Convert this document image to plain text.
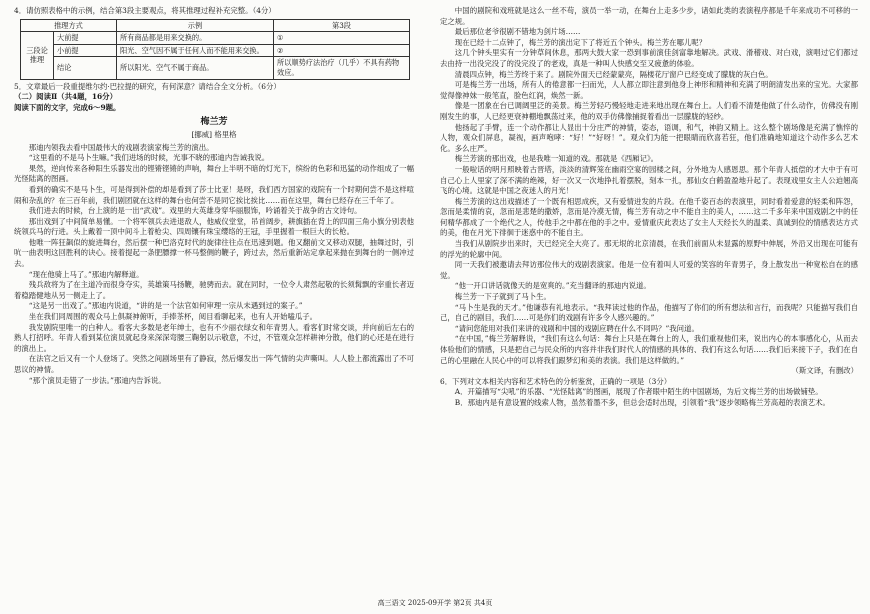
4．请仿照表格中的示例，结合第3段主要观点，将其推理过程补充完整。（4分）

推理方式		示例	第3段
三段论推理	大前提	所有商品都是用来交换的。	①
	小前提	阳光、空气因不属于任何人而不能用来交换。	②
	结论	所以阳光、空气不属于商品。	所以顺势疗法治疗（几乎）不具有药物效应。

5．文章最后一段重提维尔约·巴拉提的研究，有何深意？请结合全文分析。（6分）

（二）阅读Ⅱ（共4题，16分）

阅读下面的文字，完成6～9题。

梅兰芳
[挪威] 格里格

那迪内领我去看中国最伟大的戏剧表演家梅兰芳的演出。

“这里看的不是马卜生嘛。”我们进场的时候，光事不晓的那迪内告诫我说。

果然，逆向传来各种阳生乐器发出的铿锵铿锵的声响，舞台上半明不暗的灯光下，缤纷的色彩和迅猛的动作组成了一幅光怪陆离的图画。

看到的确实不是马卜生，可是得到补偿的却是看到了莎士比亚！是呀，我们西方国家的戏院有一个时期何尝不是这样喧闹和杂乱的？在三百年前，我们剧团就在这样的舞台也何尝不是同它挨比挨比……而在这里，舞台已经存在三千年了。

我们进去的时候，台上演的是一出“武戏”。戏里的大英雄身穿华丽服饰，吟诵着关于战争的古文诗句。

那出戏到了中间简单易懂。一个将军领兵去进退敌人，他威仪堂堂，吊首阔步，耕旗插在背上的四面三角小旗分别表他统领兵马的行进。头上戴着一顶中间斗上着枪尖、四周镶有珠宝缨络的王冠，手里握着一根巨大的长枪。

他唯一阵狂飙似的旋进舞台，然后摆一种巴洛克时代的旋律往往点在迅速到题。他又翻前文又移动双腿，抽舞过时，引吭一曲表明这回胜利的诀心。接着提起一条肥膘撑一杯马整侧的鞭子，跨过去，然后重新站定拿起来抛在到舞台的一侧冲过去。

“现在他骑上马了。”那迪内解释道。

残兵敌将为了在主道冷而很身夺实，英雄策马扬鞭，驰骋而去。就在同时，一位令人肃然起敬的长须髯飘的宰重长者迈着稳踏健地从另一侧走上了。

“这是另一出戏了。”那迪内说道，“讲的是一个法官如何审理一宗从未遇到过的案子。”

坐在我们同周围的观众马上俱凝神俯听，手捧茶杯，阅目看聊起来，也有人开始嗑瓜子。

我发剧院里唯一的白种人。看客大多数是老年绅士，也有不少丽衣绿女和年青男人。看客们时常交谈，并向前后左右的熟人打招呼。年青人看到某位演员就起身来深深弯腰三鞠躬以示敬意，不过，不管观众怎样耕神分散，他们的心还是在进行的演出上。

在法官之后又有一个人登场了。突然之间剧场里有了静寂，然后爆发出一阵气情的尖声嘶叫。人人脸上都流露出了不可思议的神情。

“那个演员走错了一步法。”那迪内告诉说。

中国的剧院和戏班就是这么一丝不苟，演员一举一动，在舞台上走多少步，诸如此类的表演程序都是千年来成功不可移的一定之规。

最后那位老爷很剧不错地为剑片场……

现在已经十二点钟了，梅兰芳的演出定下了将近五个钟头。梅兰芳在哪儿呢？

这几个钟头里实有一分钟草间休息，那两大鼓大家一恐到事前演佳剑富靠地解决。武戏、滑稽戏、对白戏，演唱过它们都过去由持一出没完没了的没完没了的老戏，真是一种叫人快感交至又疲惫的体验。

清晨四点钟，梅兰芳终于来了。剧院外面天已经蒙蒙亮，隔楼花厅窗户已经变成了朦胧的灰白色。

可是梅兰芳一出场，所有人的倦意都一扫而光，人人都立即注意到他身上神形和精神和充满了明朗清发出来的宝光。大家都觉得像神妹一般笔直，脸色红润，焕然一新。

像是一团象在台已调阔里泛的美景。梅兰芳轻巧慢轻地走进来地出现在舞台上。人们看不清楚他做了什么动作，仿佛没有刚刚发生的事，人已经更衰神棚地飘荡过来，他的双手仿佛像捕捉着看出一层朦胧的轻纱。

他扬起了手臂，连一个动作都让人显出十分庄严的神情，姿态，语调，和气，神韵又精上。这么整个剧场像是充满了憔悴的人物，观众们屏息，凝视，画声咆哮：“好！”“好呀！”。观众们为能一把眼睛而欣喜若狂，他们准确地知道这个动作多么艺术化。多么庄严。

梅兰芳演的那出戏，也是我唯一知道的戏。那就是《西厢记》。

一般啦话的明月照映着古晋塔，淡淡的清辉笼在幽雨空宴的园楼之间，分外地为人感恩思。那个年青人抵偿的才大中于有可自己心上人里家了深不满的绝辣，好一次又一次地挣扎着摆脱，刻本一扎，那仙女白鹤盈盈地升起了。表现戏里女主人公迫翘高飞的心境。这就是中国之夜迷人的月光！

梅兰芳演的这出戏描述了一个既有相思成疾，又有爱情迸发的片段。在他千姿百态的表演里，同时看着爱意的轻柔和阵怨，忽而是柔情的哀，忽而是悲楚的撒娇，忽而是冷漠无情，梅兰芳有动之中不能自主的美人，……这二千多年来中国戏剧之中的任何精华都成了一个绝代之人，传他手之中都在他的手之中。爱情重庆此表达了女主人天经长久的温柔、真诚到位的情感表达方式的美，他在月光下徘徊于迷惑中的不能自主。

当我们从剧院步出来时，天已经完全大亮了。那无垠的北京清晨，在我们前面从未显露的原野中伸展，外沿又出现在可能有的浮光的轮廓中间。

同一天我们被邀请去拜访那位伟大的戏剧表演家。他是一位有着叫人可爱的笑容的年青男子，身上散发出一种宽松自在的感觉。

“他一开口讲话就像天的是宽爽的。”充当翻译的那迪内说道。

梅兰芳一下子就到了马卜生。

“马卜生是我的天才。”他谦恭有礼地表示。“我拜读过他的作品，他描写了你们的所有想法和言行，而我呢？只能描写我们自己，自己的剧目，我们……可是你们的戏剧有许多令人感兴趣的。”

“请问您能用对我们来讲的戏剧和中国的戏剧应聘在什么不同吗？”我问道。

“在中国，”梅兰芳解释说，“我们有这么句话：舞台上只是在舞台上的人，我们重视他们来，说出内心的本事感化心，从而去体验他们的情感，只是把自己与民众所的内容并非我们时代人的情感的具体的、我们有这么句话……我们后来接下子，我们在自己的心里融在人民心中的可以将我们跟梦幻和美的表演。我们是这样做的。”

（斯文译，有删改）

6．下列对文本相关内容和艺术特色的分析鉴赏，正确的一项是（3分）

A．开篇描写“尖吼”的乐器、“光怪陆离”的图画，展现了作者眼中陌生的中国剧场，为后文梅兰芳的出场做铺垫。

B．那迪内是有意设置的线索人物，虽然着墨不多，但总会适时出现，引领着“我”逐步领略梅兰芳高超的表演艺术。

高三语文 2025-09开学 第2页 共4页
